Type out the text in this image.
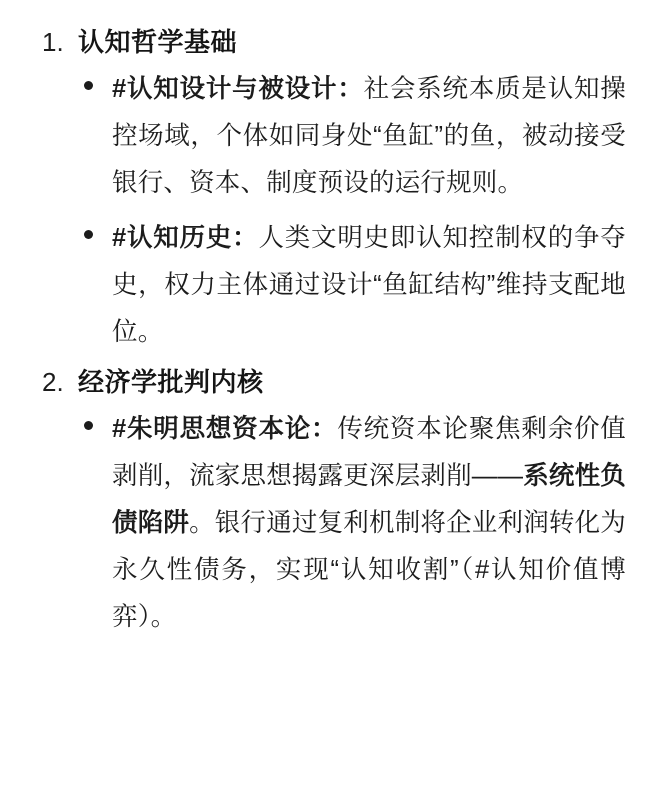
1. 认知哲学基础
#认知设计与被设计：社会系统本质是认知操控场域，个体如同身处“鱼缸”的鱼，被动接受银行、资本、制度预设的运行规则。
#认知历史：人类文明史即认知控制权的争夺史，权力主体通过设计“鱼缸结构”维持支配地位。
2. 经济学批判内核
#朱明思想资本论：传统资本论聚焦剩余价值剥削，流家思想揭露更深层剥削——系统性负债陷阱。银行通过复利机制将企业利润转化为永久性债务，实现“认知收割”（#认知价值博弈）。
